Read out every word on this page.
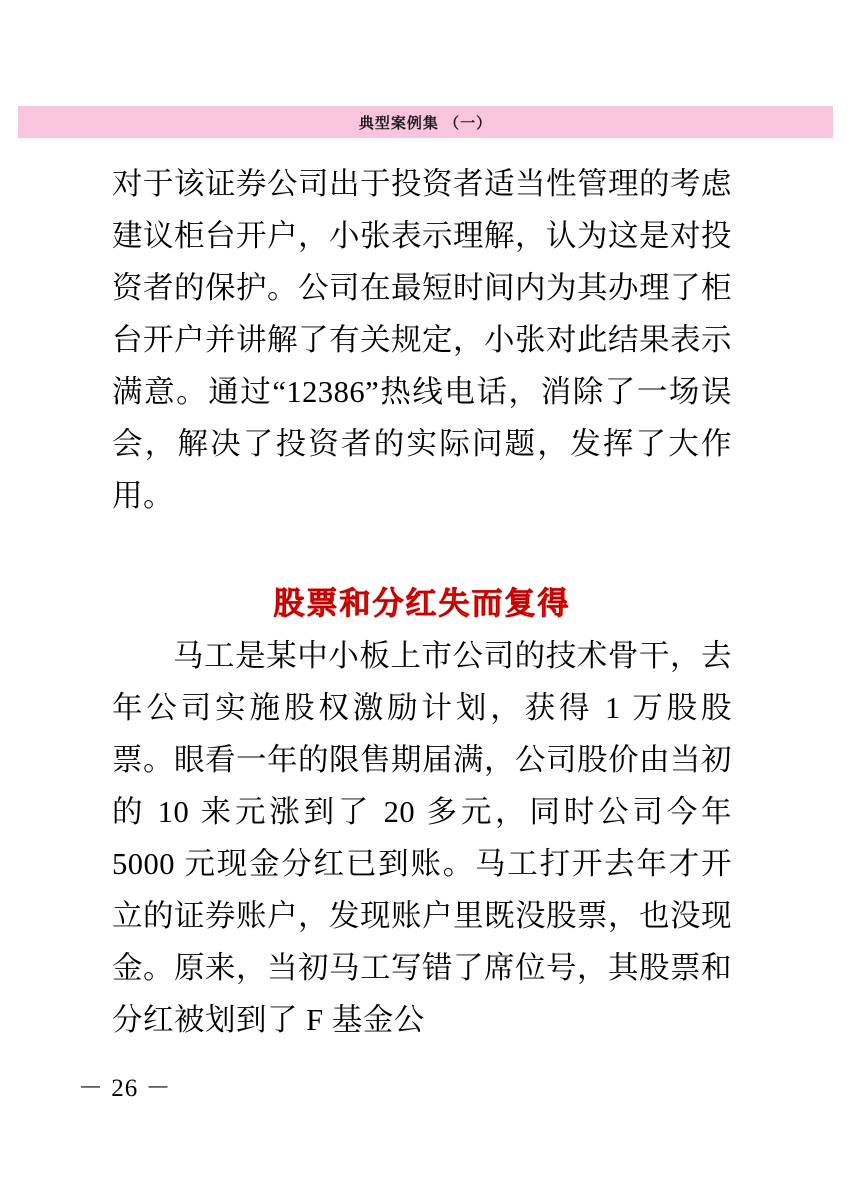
典型案例集 （一）

对于该证券公司出于投资者适当性管理的考虑建议柜台开户，小张表示理解，认为这是对投资者的保护。公司在最短时间内为其办理了柜台开户并讲解了有关规定，小张对此结果表示满意。通过“12386”热线电话，消除了一场误会，解决了投资者的实际问题，发挥了大作用。

股票和分红失而复得

马工是某中小板上市公司的技术骨干，去年公司实施股权激励计划，获得 1 万股股票。眼看一年的限售期届满，公司股价由当初的 10 来元涨到了 20 多元，同时公司今年 5000 元现金分红已到账。马工打开去年才开立的证券账户，发现账户里既没股票，也没现金。原来，当初马工写错了席位号，其股票和分红被划到了 F 基金公

－ 26 －
